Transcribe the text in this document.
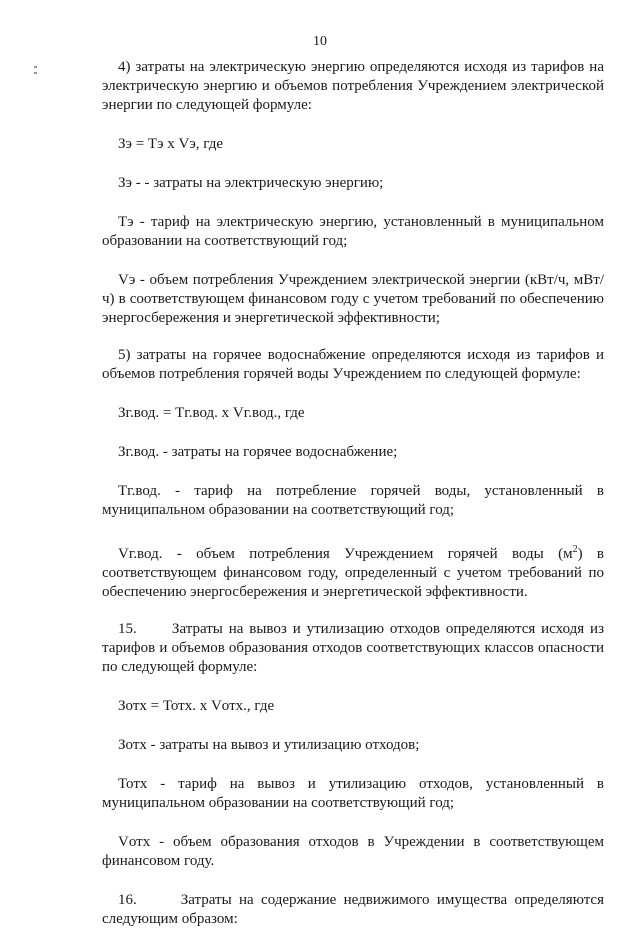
10

4) затраты на электрическую энергию определяются исходя из тарифов на электрическую энергию и объемов потребления Учреждением электрической энергии по следующей формуле:

Зэ = Тэ х Vэ, где

Зэ - - затраты на электрическую энергию;

Тэ - тариф на электрическую энергию, установленный в муниципальном образовании на соответствующий год;

Vэ - объем потребления Учреждением электрической энергии (кВт/ч, мВт/ч) в соответствующем финансовом году с учетом требований по обеспечению энергосбережения и энергетической эффективности;

5) затраты на горячее водоснабжение определяются исходя из тарифов и объемов потребления горячей воды Учреждением по следующей формуле:

Зг.вод. = Тг.вод. х Vг.вод., где

Зг.вод. - затраты на горячее водоснабжение;

Тг.вод. - тариф на потребление горячей воды, установленный в муниципальном образовании на соответствующий год;

Vг.вод. - объем потребления Учреждением горячей воды $(м^2)$ в соответствующем финансовом году, определенный с учетом требований по обеспечению энергосбережения и энергетической эффективности.

15.      Затраты на вывоз и утилизацию отходов определяются исходя из тарифов и объемов образования отходов соответствующих классов опасности по следующей формуле:

Зотх = Тотх. х Vотх., где

Зотх - затраты на вывоз и утилизацию отходов;

Тотх - тариф на вывоз и утилизацию отходов, установленный в муниципальном образовании на соответствующий год;

Vотх - объем образования отходов в Учреждении в соответствующем финансовом году.

16.      Затраты на содержание недвижимого имущества определяются следующим образом:
